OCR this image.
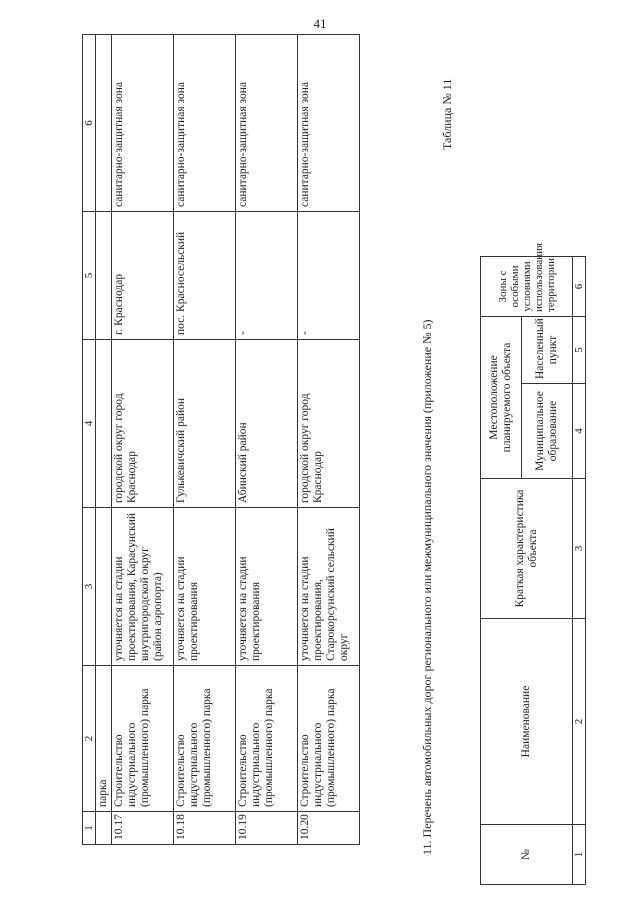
41
1	2	3	4	5	6
	парка				
10.17	Строительство индустриального (промышленного) парка	уточняется на стадии проектирования, Карасунский внутригородской округ (район аэропорта)	городской округ город Краснодар	г. Краснодар	санитарно-защитная зона
10.18	Строительство индустриального (промышленного) парка	уточняется на стадии проектирования	Гулькевичский район	пос. Красносельский	санитарно-защитная зона
10.19	Строительство индустриального (промышленного) парка	уточняется на стадии проектирования	Абинский район	-	санитарно-защитная зона
10.20	Строительство индустриального (промышленного) парка	уточняется на стадии проектирования, Старокорсунский сельский округ	городской округ город Краснодар	-	санитарно-защитная зона
11. Перечень автомобильных дорог регионального или межмуниципального значения (приложение № 5)
Таблица № 11
№	Наименование	Краткая характеристика объекта	Местоположение планируемого объекта		Зоны с особыми условиями использования территории
			Муниципальное образование	Населенный пункт	
1	2	3	4	5	6
